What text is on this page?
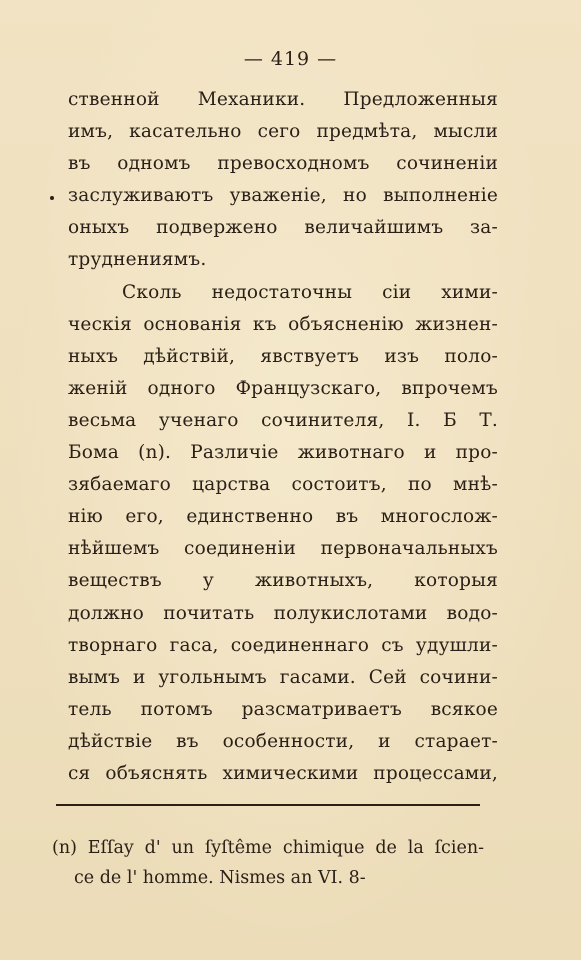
— 419 —
ственной Механики. Предложенныя
имъ, касательно сего предмѣта, мысли
въ одномъ превосходномъ сочиненiи
заслуживаютъ уваженiе, но выполненiе
оныхъ подвержено величайшимъ за-
труднениямъ.
Сколь недостаточны сiи хими-
ческiя основанiя къ объясненiю жизнен-
ныхъ дѣйствiй, явствуетъ изъ поло-
женiй одного Французскаго, впрочемъ
весьма ученаго сочинителя, I. Б Т.
Бома (n). Различiе животнаго и про-
зябаемаго царства состоитъ, по мнѣ-
нiю его, единственно въ многослож-
нѣйшемъ соединенiи первоначальныхъ
веществъ у животныхъ, которыя
должно почитать полукислотами водо-
творнаго гаса, соединеннаго съ удушли-
вымъ и угольнымъ гасами. Сей сочини-
тель потомъ разсматриваетъ всякое
дѣйствiе въ особенности, и старает-
ся объяснять химическими процессами,
(n) Eſſay d' un ſyſtême chimique de la ſcien-
ce de l' homme. Nismes an VI. 8-
